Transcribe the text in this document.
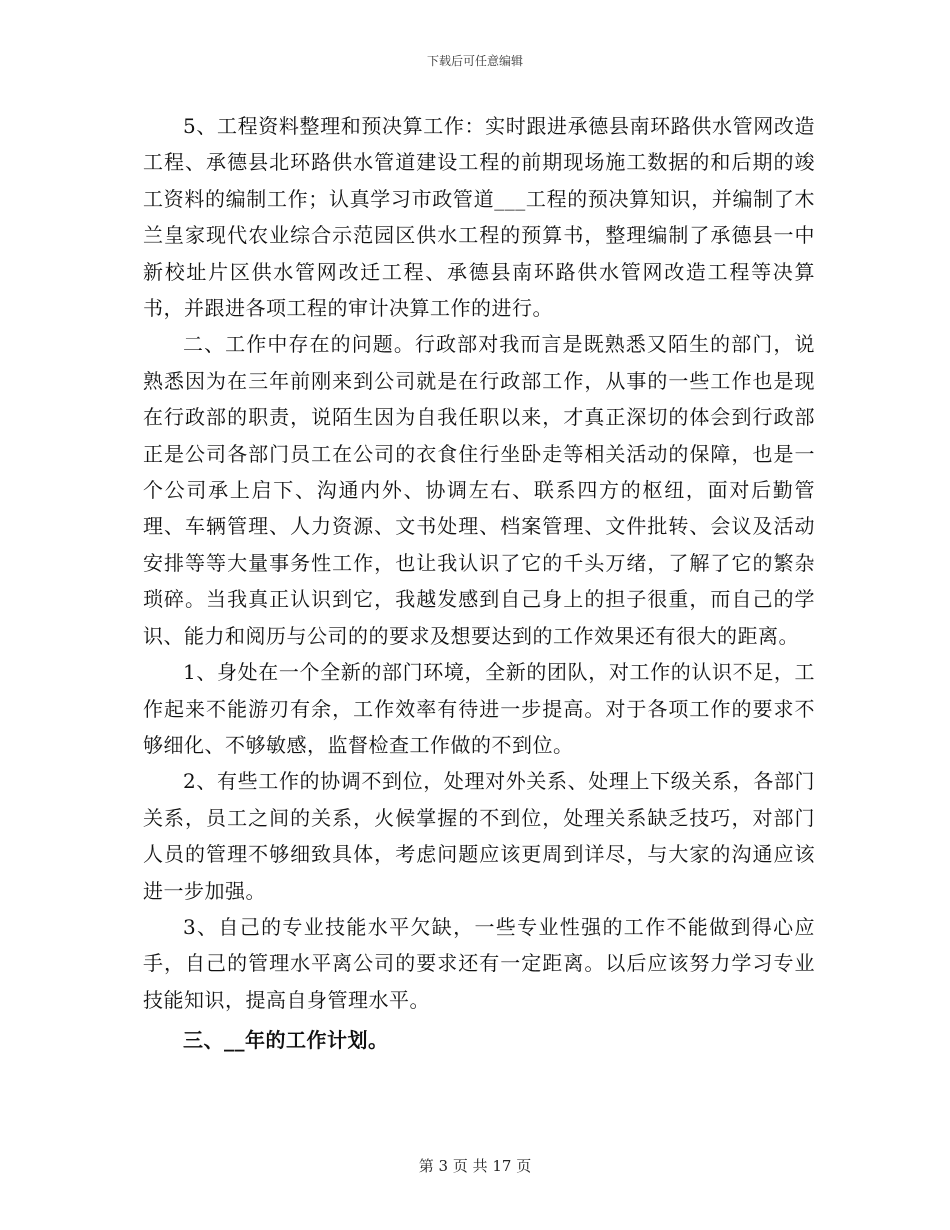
下载后可任意编辑

5、工程资料整理和预决算工作：实时跟进承德县南环路供水管网改造工程、承德县北环路供水管道建设工程的前期现场施工数据的和后期的竣工资料的编制工作；认真学习市政管道___工程的预决算知识，并编制了木兰皇家现代农业综合示范园区供水工程的预算书，整理编制了承德县一中新校址片区供水管网改迁工程、承德县南环路供水管网改造工程等决算书，并跟进各项工程的审计决算工作的进行。

二、工作中存在的问题。行政部对我而言是既熟悉又陌生的部门，说熟悉因为在三年前刚来到公司就是在行政部工作，从事的一些工作也是现在行政部的职责，说陌生因为自我任职以来，才真正深切的体会到行政部正是公司各部门员工在公司的衣食住行坐卧走等相关活动的保障，也是一个公司承上启下、沟通内外、协调左右、联系四方的枢纽，面对后勤管理、车辆管理、人力资源、文书处理、档案管理、文件批转、会议及活动安排等等大量事务性工作，也让我认识了它的千头万绪，了解了它的繁杂琐碎。当我真正认识到它，我越发感到自己身上的担子很重，而自己的学识、能力和阅历与公司的的要求及想要达到的工作效果还有很大的距离。

1、身处在一个全新的部门环境，全新的团队，对工作的认识不足，工作起来不能游刃有余，工作效率有待进一步提高。对于各项工作的要求不够细化、不够敏感，监督检查工作做的不到位。

2、有些工作的协调不到位，处理对外关系、处理上下级关系，各部门关系，员工之间的关系，火候掌握的不到位，处理关系缺乏技巧，对部门人员的管理不够细致具体，考虑问题应该更周到详尽，与大家的沟通应该进一步加强。

3、自己的专业技能水平欠缺，一些专业性强的工作不能做到得心应手，自己的管理水平离公司的要求还有一定距离。以后应该努力学习专业技能知识，提高自身管理水平。

三、__年的工作计划。

第 3 页 共 17 页
